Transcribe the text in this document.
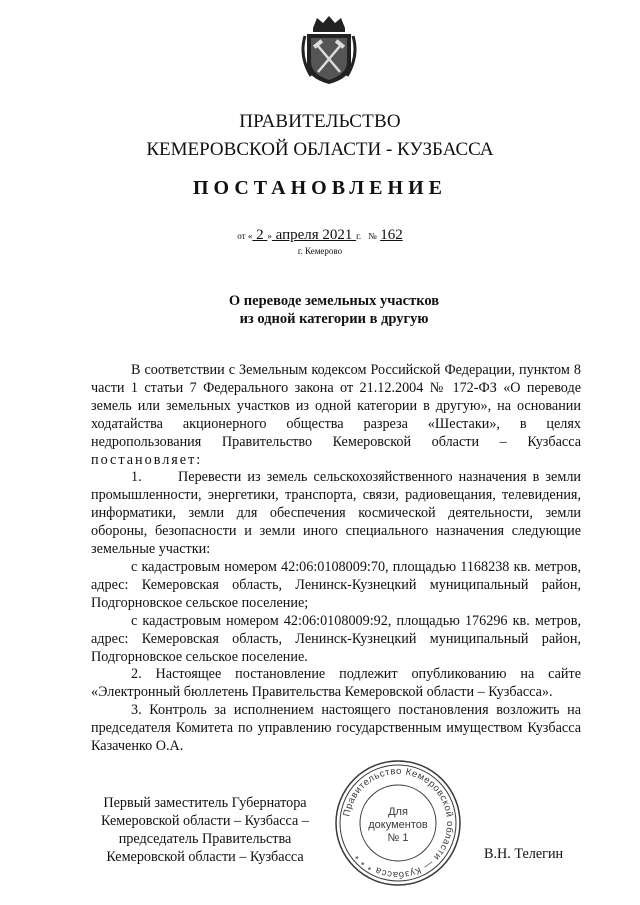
ПРАВИТЕЛЬСТВО
КЕМЕРОВСКОЙ ОБЛАСТИ - КУЗБАССА
ПОСТАНОВЛЕНИЕ
от « 2 » апреля 2021 г. № 162
г. Кемерово
О переводе земельных участков
из одной категории в другую

В соответствии с Земельным кодексом Российской Федерации, пунктом 8 части 1 статьи 7 Федерального закона от 21.12.2004 № 172-ФЗ «О переводе земель или земельных участков из одной категории в другую», на основании ходатайства акционерного общества разреза «Шестаки», в целях недропользования Правительство Кемеровской области – Кузбасса постановляет:

1.      Перевести из земель сельскохозяйственного назначения в земли промышленности, энергетики, транспорта, связи, радиовещания, телевидения, информатики, земли для обеспечения космической деятельности, земли обороны, безопасности и земли иного специального назначения следующие земельные участки:

с кадастровым номером 42:06:0108009:70, площадью 1168238 кв. метров, адрес: Кемеровская область, Ленинск-Кузнецкий муниципальный район, Подгорновское сельское поселение;

с кадастровым номером 42:06:0108009:92, площадью 176296 кв. метров, адрес: Кемеровская область, Ленинск-Кузнецкий муниципальный район, Подгорновское сельское поселение.

2. Настоящее постановление подлежит опубликованию на сайте «Электронный бюллетень Правительства Кемеровской области – Кузбасса».

3. Контроль за исполнением настоящего постановления возложить на председателя Комитета по управлению государственным имуществом Кузбасса Казаченко О.А.

Первый заместитель Губернатора
Кемеровской области – Кузбасса –
председатель Правительства
Кемеровской области – Кузбасса
Правительство Кемеровской области — Кузбасса * * *
Для
документов
№ 1
В.Н. Телегин
